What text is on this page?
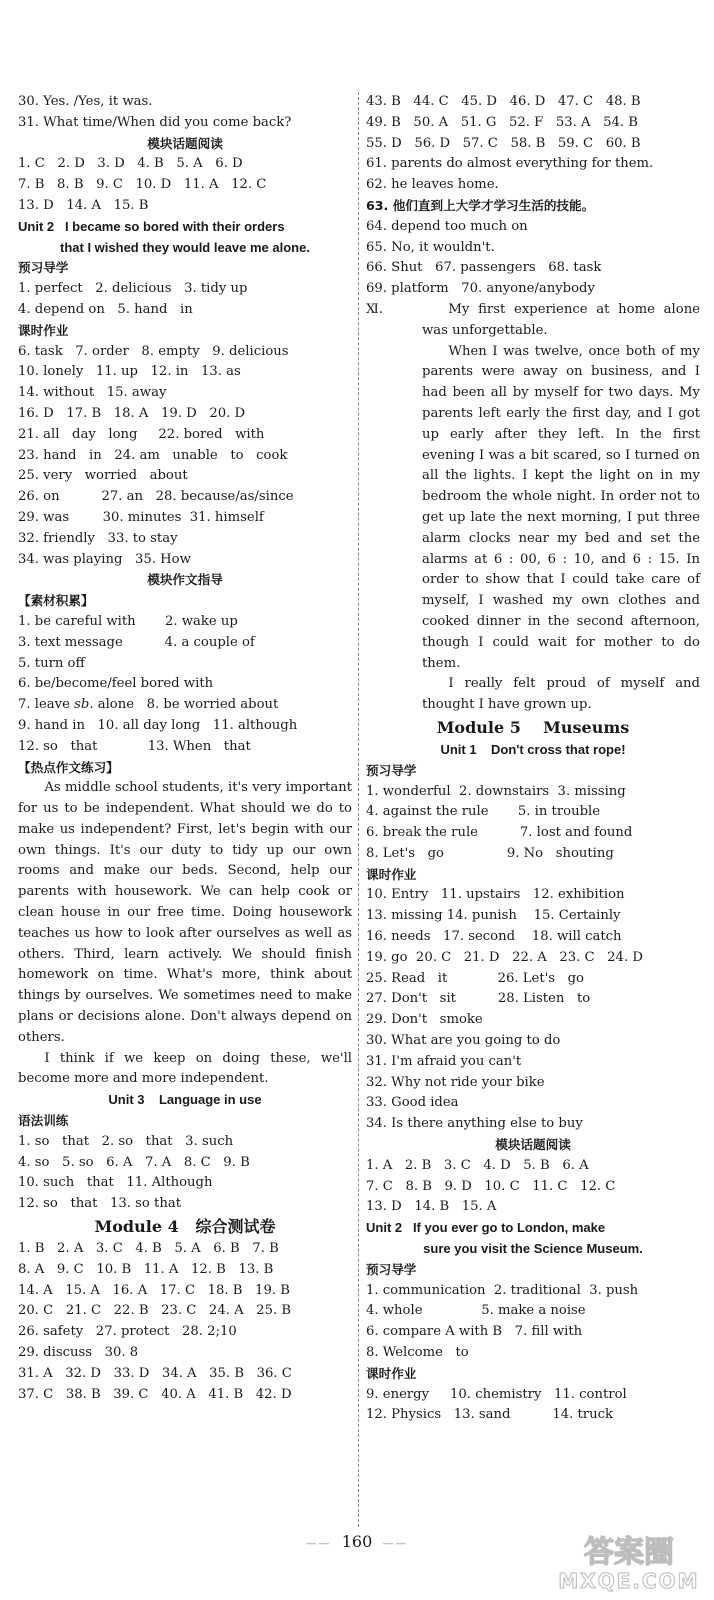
30. Yes. /Yes, it was.
31. What time/When did you come back?
模块话题阅读
1. C   2. D   3. D   4. B   5. A   6. D
7. B   8. B   9. C   10. D   11. A   12. C
13. D   14. A   15. B
Unit 2   I became so bored with their orders
that I wished they would leave me alone.
预习导学
1. perfect   2. delicious   3. tidy up
4. depend on   5. hand   in
课时作业
6. task   7. order   8. empty   9. delicious
10. lonely   11. up   12. in   13. as
14. without   15. away
16. D   17. B   18. A   19. D   20. D
21. all   day   long     22. bored   with
23. hand   in   24. am   unable   to   cook
25. very   worried   about
26. on          27. an   28. because/as/since
29. was        30. minutes  31. himself
32. friendly   33. to stay
34. was playing   35. How
模块作文指导
【素材积累】
1. be careful with       2. wake up
3. text message          4. a couple of
5. turn off
6. be/become/feel bored with
7. leave sb. alone   8. be worried about
9. hand in   10. all day long   11. although
12. so   that            13. When   that
【热点作文练习】

As middle school students, it's very important for us to be independent. What should we do to make us independent? First, let's begin with our own things. It's our duty to tidy up our own rooms and make our beds. Second, help our parents with housework. We can help cook or clean house in our free time. Doing housework teaches us how to look after ourselves as well as others. Third, learn actively. We should finish homework on time. What's more, think about things by ourselves. We sometimes need to make plans or decisions alone. Don't always depend on others.

I think if we keep on doing these, we'll become more and more independent.

Unit 3    Language in use
语法训练
1. so   that   2. so   that   3. such
4. so   5. so   6. A   7. A   8. C   9. B
10. such   that   11. Although
12. so   that   13. so that
Module 4 综合测试卷
1. B   2. A   3. C   4. B   5. A   6. B   7. B
8. A   9. C   10. B   11. A   12. B   13. B
14. A   15. A   16. A   17. C   18. B   19. B
20. C   21. C   22. B   23. C   24. A   25. B
26. safety   27. protect   28. 2;10
29. discuss   30. 8
31. A   32. D   33. D   34. A   35. B   36. C
37. C   38. B   39. C   40. A   41. B   42. D
43. B   44. C   45. D   46. D   47. C   48. B
49. B   50. A   51. G   52. F   53. A   54. B
55. D   56. D   57. C   58. B   59. C   60. B
61. parents do almost everything for them.
62. he leaves home.
63. 他们直到上大学才学习生活的技能。
64. depend too much on
65. No, it wouldn't.
66. Shut   67. passengers   68. task
69. platform   70. anyone/anybody
Ⅺ.	My first experience at home alone was unforgettable.

When I was twelve, once both of my parents were away on business, and I had been all by myself for two days. My parents left early the first day, and I got up early after they left. In the first evening I was a bit scared, so I turned on all the lights. I kept the light on in my bedroom the whole night. In order not to get up late the next morning, I put three alarm clocks near my bed and set the alarms at 6 : 00, 6 : 10, and 6 : 15. In order to show that I could take care of myself, I washed my own clothes and cooked dinner in the second afternoon, though I could wait for mother to do them.

I really felt proud of myself and thought I have grown up.

Module 5    Museums
Unit 1    Don't cross that rope!
预习导学
1. wonderful  2. downstairs  3. missing
4. against the rule       5. in trouble
6. break the rule          7. lost and found
8. Let's   go               9. No   shouting
课时作业
10. Entry   11. upstairs   12. exhibition
13. missing 14. punish    15. Certainly
16. needs   17. second    18. will catch
19. go  20. C   21. D   22. A   23. C   24. D
25. Read   it            26. Let's   go
27. Don't   sit          28. Listen   to
29. Don't   smoke
30. What are you going to do
31. I'm afraid you can't
32. Why not ride your bike
33. Good idea
34. Is there anything else to buy
模块话题阅读
1. A   2. B   3. C   4. D   5. B   6. A
7. C   8. B   9. D   10. C   11. C   12. C
13. D   14. B   15. A
Unit 2   If you ever go to London, make
sure you visit the Science Museum.
预习导学
1. communication  2. traditional  3. push
4. whole              5. make a noise
6. compare A with B   7. fill with
8. Welcome   to
课时作业
9. energy     10. chemistry   11. control
12. Physics   13. sand          14. truck
—— 160 ——	答案圈
MXQE.COM
